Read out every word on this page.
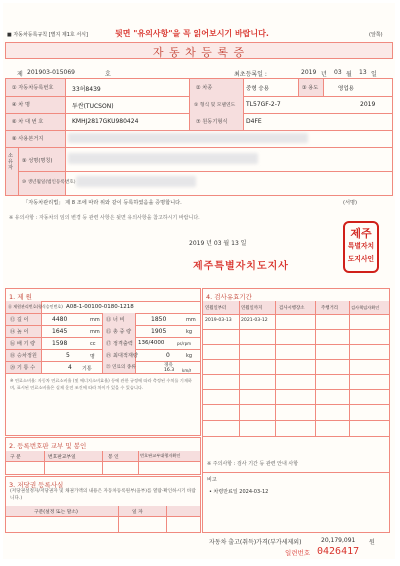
■ 자동차등록규칙 [별지 제1호 서식]	뒷면 "유의사항"을 꼭 읽어보시기 바랍니다.	(앞쪽)
자 동 차 등 록 증
제 201903-015069	호	최초등록일 :	2019 년 03 월 13 일
① 자동차등록번호	33허8439	② 차종	중형 승용	③ 용도	영업용
④ 차 명	투싼(TUCSON)	⑤ 형식 및 모델연도 TL57GF-2-7	2019
⑥ 차 대 번 호	KMHJ2817GKU980424	⑦ 원동기형식	D4FE
⑧ 사용본거지
소유자
⑨ 성명(명칭)
⑩ 생년월일(법인등록번호)
「자동차관리법」 제 8 조에 따라 위와 같이 등록하였음을 증명합니다.	(서명)
※ 유의사항 : 자동차의 임의 변경 등 관련 사항은 뒷면 유의사항을 참고하시기 바랍니다.
2019 년 03 월 13 일
제주특별자치도지사
제주
특별자치
도지사인
1. 제 원
⑪ 제원관리번호(형식승인번호) A08-1-00100-0180-1218
⑫ 길 이	4480	mm ⑬ 너 비	1850	mm
⑭ 높 이	1645	mm ⑮ 총 중 량	1905	kg
⑯ 배 기 량	1598	cc ⑰ 정격출력 136/4000	ps/rpm
⑱ 승차정원	5	명 ⑲ 최대적재량	0	kg
⑳ 기 통 수	4 기통	㉑ 연료의 종류	경유
16.3 km/ℓ
※ 연료소비율: 자동차 연료소비율 (및 에너지소비효율) 등에 관한 규정에 따라 측정된 수치를 기재하며, 표시된 연료소비율은 실제 운전 조건에 따라 차이가 있을 수 있습니다.
4. 검사유효기간
연월일부터	연월일까지	검사시행장소	주행거리	검사책임자확인
2019-03-13 2021-03-12
※ 주의사항 : 검사 기간 등 관련 안내 사항
비고
• 차령만료일 2024-03-12
2. 등록번호판 교부 및 봉인
구 분	번호판교부일	봉 인	번호판교부대행자확인
3. 저당권 등록사실
(저당권설정자/저당권자 및 채권가액의 내용은 자동차등록원부(을부)를 열람·확인하시기 바랍니다.)
구분(설정 또는 말소)	일 자
자동차 출고(취득)가격(부가세제외)	20,179,091 원
일련번호 0426417
